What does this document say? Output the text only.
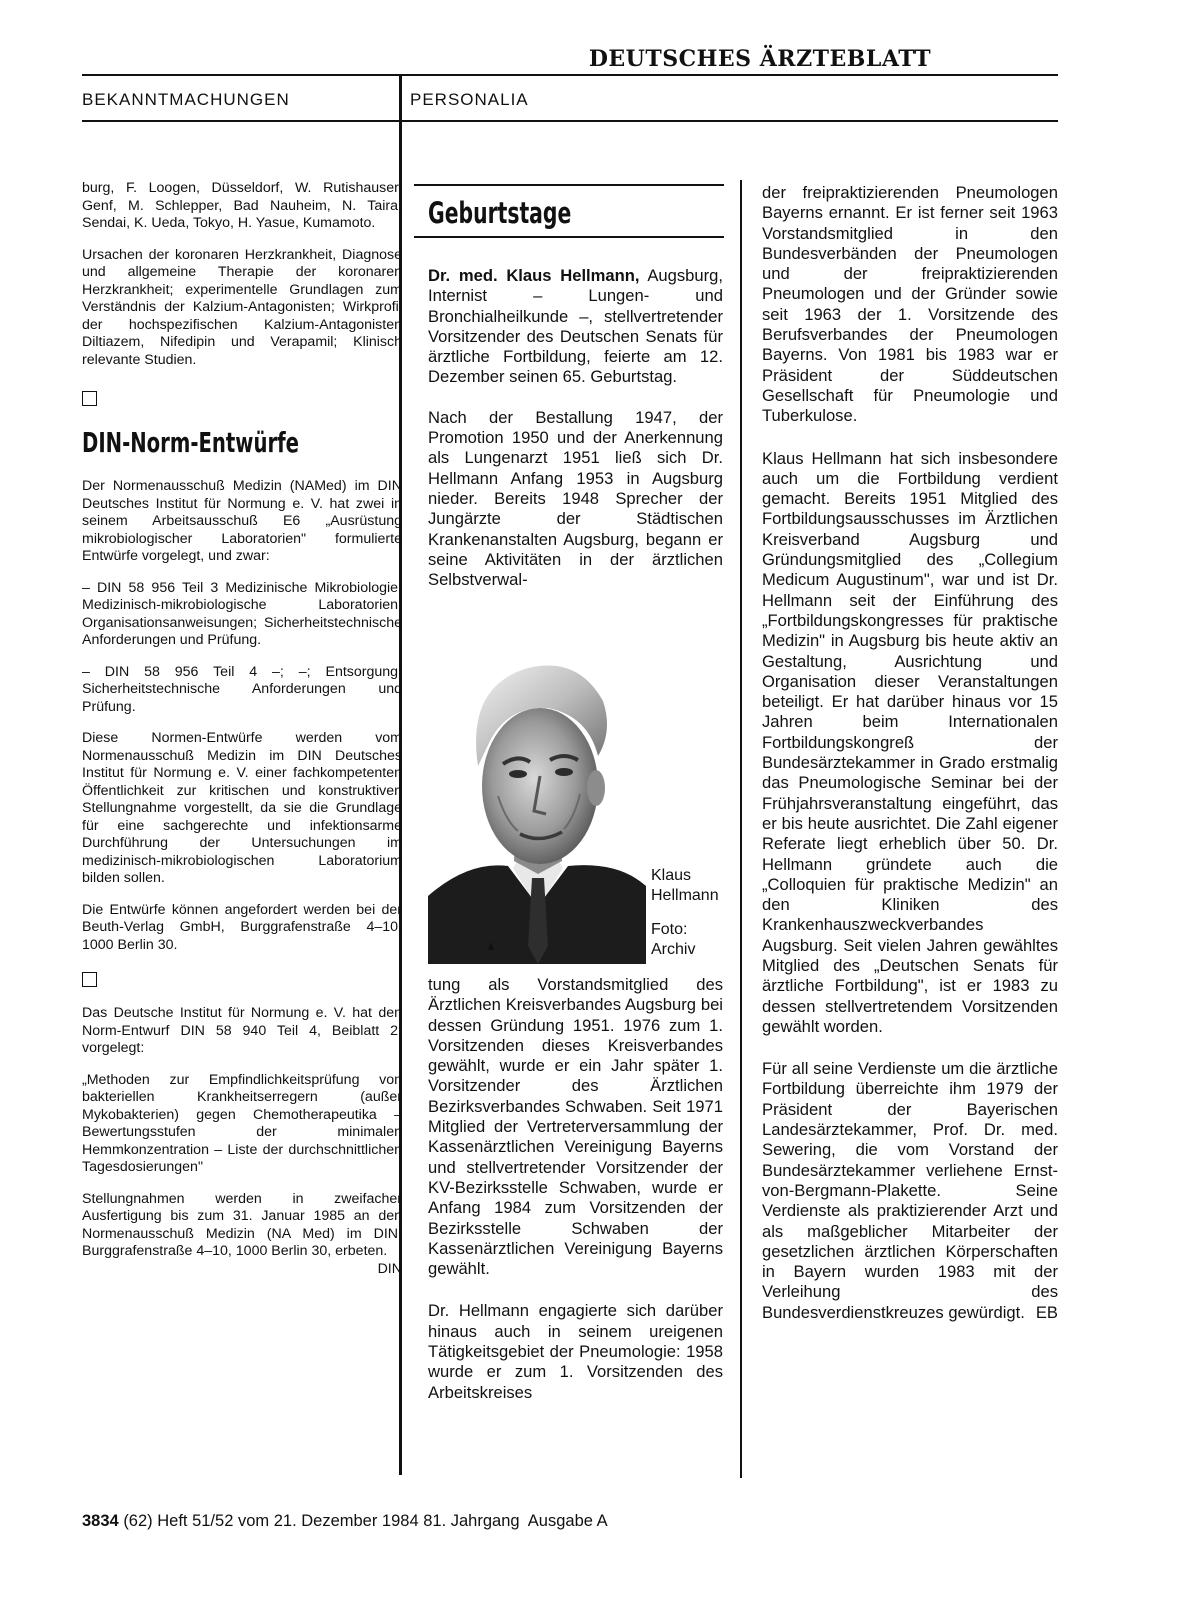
DEUTSCHES ÄRZTEBLATT
BEKANNTMACHUNGEN	PERSONALIA

burg, F. Loogen, Düsseldorf, W. Rutishauser, Genf, M. Schlepper, Bad Nauheim, N. Taira, Sendai, K. Ueda, Tokyo, H. Yasue, Kumamoto.

Ursachen der koronaren Herzkrankheit, Diagnose und allgemeine Therapie der koronaren Herzkrankheit; experimentelle Grundlagen zum Verständnis der Kalzium-Antagonisten; Wirkprofil der hochspezifischen Kalzium-Antagonisten Diltiazem, Nifedipin und Verapamil; Klinisch relevante Studien.

DIN-Norm-Entwürfe

Der Normenausschuß Medizin (NAMed) im DIN Deutsches Institut für Normung e. V. hat zwei in seinem Arbeitsausschuß E6 „Ausrüstung mikrobiologischer Laboratorien" formulierte Entwürfe vorgelegt, und zwar:

– DIN 58 956 Teil 3 Medizinische Mikrobiologie; Medizinisch-mikrobiologische Laboratorien; Organisationsanweisungen; Sicherheitstechnische Anforderungen und Prüfung.

– DIN 58 956 Teil 4 –; –; Entsorgung; Sicherheitstechnische Anforderungen und Prüfung.

Diese Normen-Entwürfe werden vom Normenausschuß Medizin im DIN Deutsches Institut für Normung e. V. einer fachkompetenten Öffentlichkeit zur kritischen und konstruktiven Stellungnahme vorgestellt, da sie die Grundlage für eine sachgerechte und infektionsarme Durchführung der Untersuchungen im medizinisch-mikrobiologischen Laboratorium bilden sollen.

Die Entwürfe können angefordert werden bei der Beuth-Verlag GmbH, Burggrafenstraße 4–10, 1000 Berlin 30.

Das Deutsche Institut für Normung e. V. hat den Norm-Entwurf DIN 58 940 Teil 4, Beiblatt 2, vorgelegt:

„Methoden zur Empfindlichkeitsprüfung von bakteriellen Krankheitserregern (außer Mykobakterien) gegen Chemotherapeutika – Bewertungsstufen der minimalen Hemmkonzentration – Liste der durchschnittlichen Tagesdosierungen"

Stellungnahmen werden in zweifacher Ausfertigung bis zum 31. Januar 1985 an den Normenausschuß Medizin (NA Med) im DIN, Burggrafenstraße 4–10, 1000 Berlin 30, erbeten.
DIN

Geburtstage

Dr. med. Klaus Hellmann, Augsburg, Internist – Lungen- und Bronchialheilkunde –, stellvertretender Vorsitzender des Deutschen Senats für ärztliche Fortbildung, feierte am 12. Dezember seinen 65. Geburtstag.

Nach der Bestallung 1947, der Promotion 1950 und der Anerkennung als Lungenarzt 1951 ließ sich Dr. Hellmann Anfang 1953 in Augsburg nieder. Bereits 1948 Sprecher der Jungärzte der Städtischen Krankenanstalten Augsburg, begann er seine Aktivitäten in der ärztlichen Selbstverwal-

Klaus Hellmann
Foto: Archiv

tung als Vorstandsmitglied des Ärztlichen Kreisverbandes Augsburg bei dessen Gründung 1951. 1976 zum 1. Vorsitzenden dieses Kreisverbandes gewählt, wurde er ein Jahr später 1. Vorsitzender des Ärztlichen Bezirksverbandes Schwaben. Seit 1971 Mitglied der Vertreterversammlung der Kassenärztlichen Vereinigung Bayerns und stellvertretender Vorsitzender der KV-Bezirksstelle Schwaben, wurde er Anfang 1984 zum Vorsitzenden der Bezirksstelle Schwaben der Kassenärztlichen Vereinigung Bayerns gewählt.

Dr. Hellmann engagierte sich darüber hinaus auch in seinem ureigenen Tätigkeitsgebiet der Pneumologie: 1958 wurde er zum 1. Vorsitzenden des Arbeitskreises

der freipraktizierenden Pneumologen Bayerns ernannt. Er ist ferner seit 1963 Vorstandsmitglied in den Bundesverbänden der Pneumologen und der freipraktizierenden Pneumologen und der Gründer sowie seit 1963 der 1. Vorsitzende des Berufsverbandes der Pneumologen Bayerns. Von 1981 bis 1983 war er Präsident der Süddeutschen Gesellschaft für Pneumologie und Tuberkulose.

Klaus Hellmann hat sich insbesondere auch um die Fortbildung verdient gemacht. Bereits 1951 Mitglied des Fortbildungsausschusses im Ärztlichen Kreisverband Augsburg und Gründungsmitglied des „Collegium Medicum Augustinum", war und ist Dr. Hellmann seit der Einführung des „Fortbildungskongresses für praktische Medizin" in Augsburg bis heute aktiv an Gestaltung, Ausrichtung und Organisation dieser Veranstaltungen beteiligt. Er hat darüber hinaus vor 15 Jahren beim Internationalen Fortbildungskongreß der Bundesärztekammer in Grado erstmalig das Pneumologische Seminar bei der Frühjahrsveranstaltung eingeführt, das er bis heute ausrichtet. Die Zahl eigener Referate liegt erheblich über 50. Dr. Hellmann gründete auch die „Colloquien für praktische Medizin" an den Kliniken des Krankenhauszweckverbandes Augsburg. Seit vielen Jahren gewähltes Mitglied des „Deutschen Senats für ärztliche Fortbildung", ist er 1983 zu dessen stellvertretendem Vorsitzenden gewählt worden.

Für all seine Verdienste um die ärztliche Fortbildung überreichte ihm 1979 der Präsident der Bayerischen Landesärztekammer, Prof. Dr. med. Sewering, die vom Vorstand der Bundesärztekammer verliehene Ernst-von-Bergmann-Plakette. Seine Verdienste als praktizierender Arzt und als maßgeblicher Mitarbeiter der gesetzlichen ärztlichen Körperschaften in Bayern wurden 1983 mit der Verleihung des Bundesverdienstkreuzes gewürdigt. EB

3834 (62) Heft 51/52 vom 21. Dezember 1984 81. Jahrgang  Ausgabe A
